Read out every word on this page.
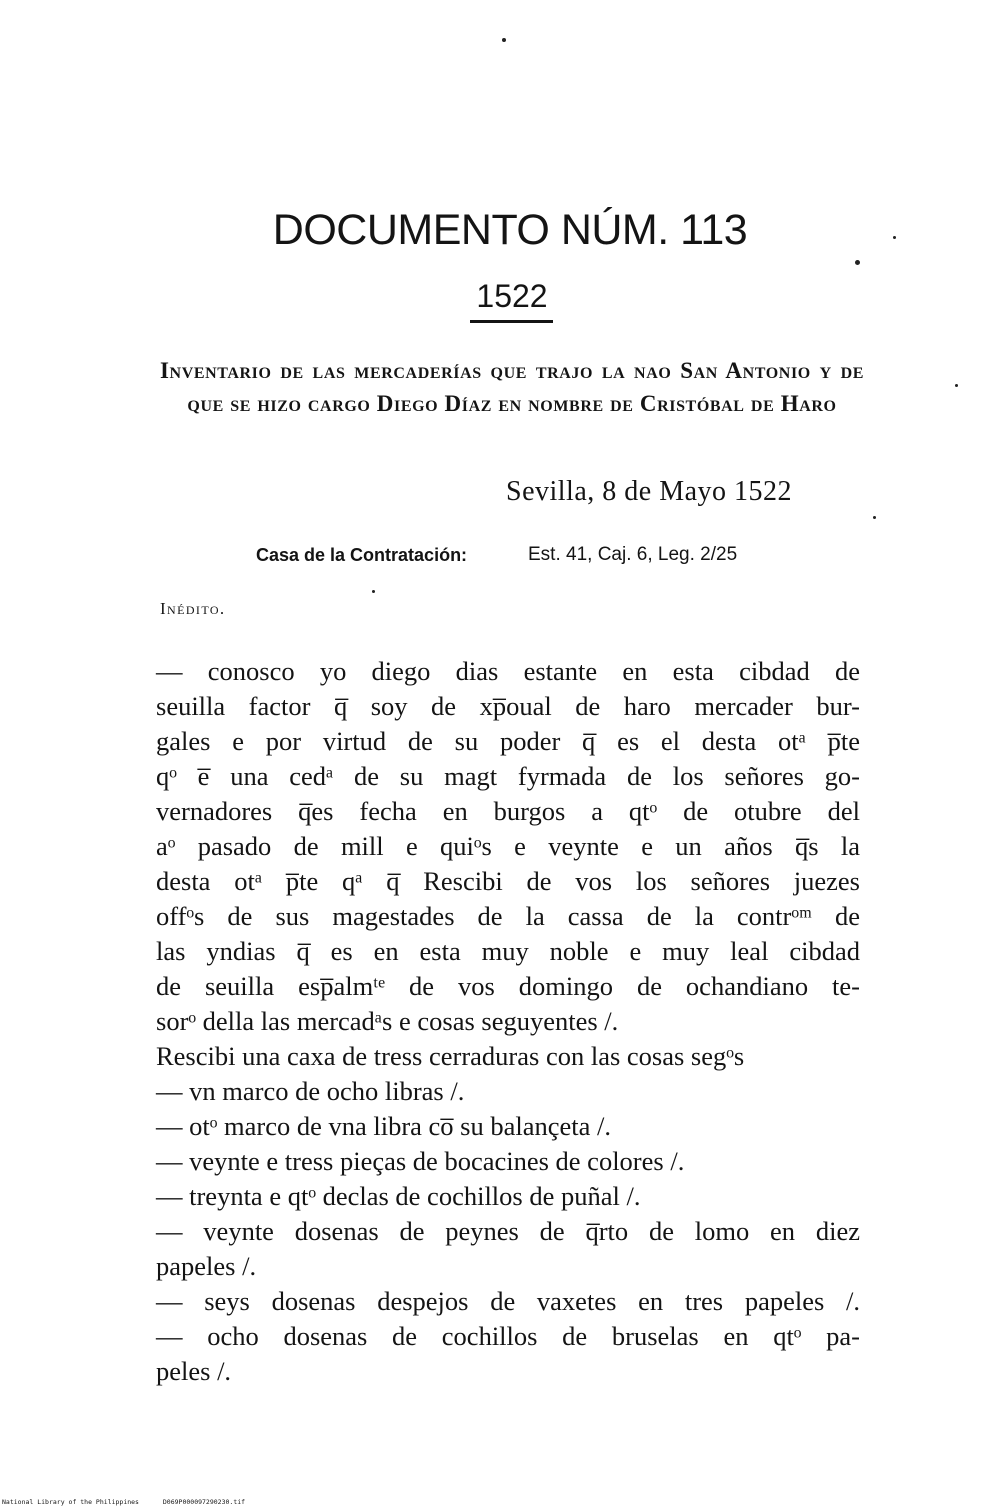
DOCUMENTO NÚM. 113
1522
Inventario de las mercaderías que trajo la nao San Antonio y de que se hizo cargo Diego Díaz en nombre de Cristóbal de Haro
Sevilla, 8 de Mayo 1522
Casa de la Contratación:	Est. 41, Caj. 6, Leg. 2/25
Inédito.
— conosco yo diego dias estante en esta cibdad de
seuilla factor q̅ soy de xp̅oual de haro mercader bur-
gales e por virtud de su poder q̅ es el desta otᵃ p̅te
qᵒ e̅ una cedᵃ de su magt fyrmada de los señores go-
vernadores q̅es fecha en burgos a qtᵒ de otubre del
aᵒ pasado de mill e quiᵒs e veynte e un años q̅s la
desta otᵃ p̅te qᵃ q̅ Rescibi de vos los señores juezes
offᵒs de sus magestades de la cassa de la contrᵒᵐ de
las yndias q̅ es en esta muy noble e muy leal cibdad
de seuilla esp̅almᵗᵉ de vos domingo de ochandiano te-
sorᵒ della las mercadᵃs e cosas seguyentes /.
Rescibi una caxa de tress cerraduras con las cosas segᵒs
— vn marco de ocho libras /.
— otᵒ marco de vna libra co̅ su balançeta /.
— veynte e tress pieças de bocacines de colores /.
— treynta e qtᵒ declas de cochillos de puñal /.
— veynte dosenas de peynes de q̅rto de lomo en diez
papeles /.
— seys dosenas despejos de vaxetes en tres papeles /.
— ocho dosenas de cochillos de bruselas en qtᵒ pa-
peles /.
National Library of the Philippines	D069P000097290230.tif
